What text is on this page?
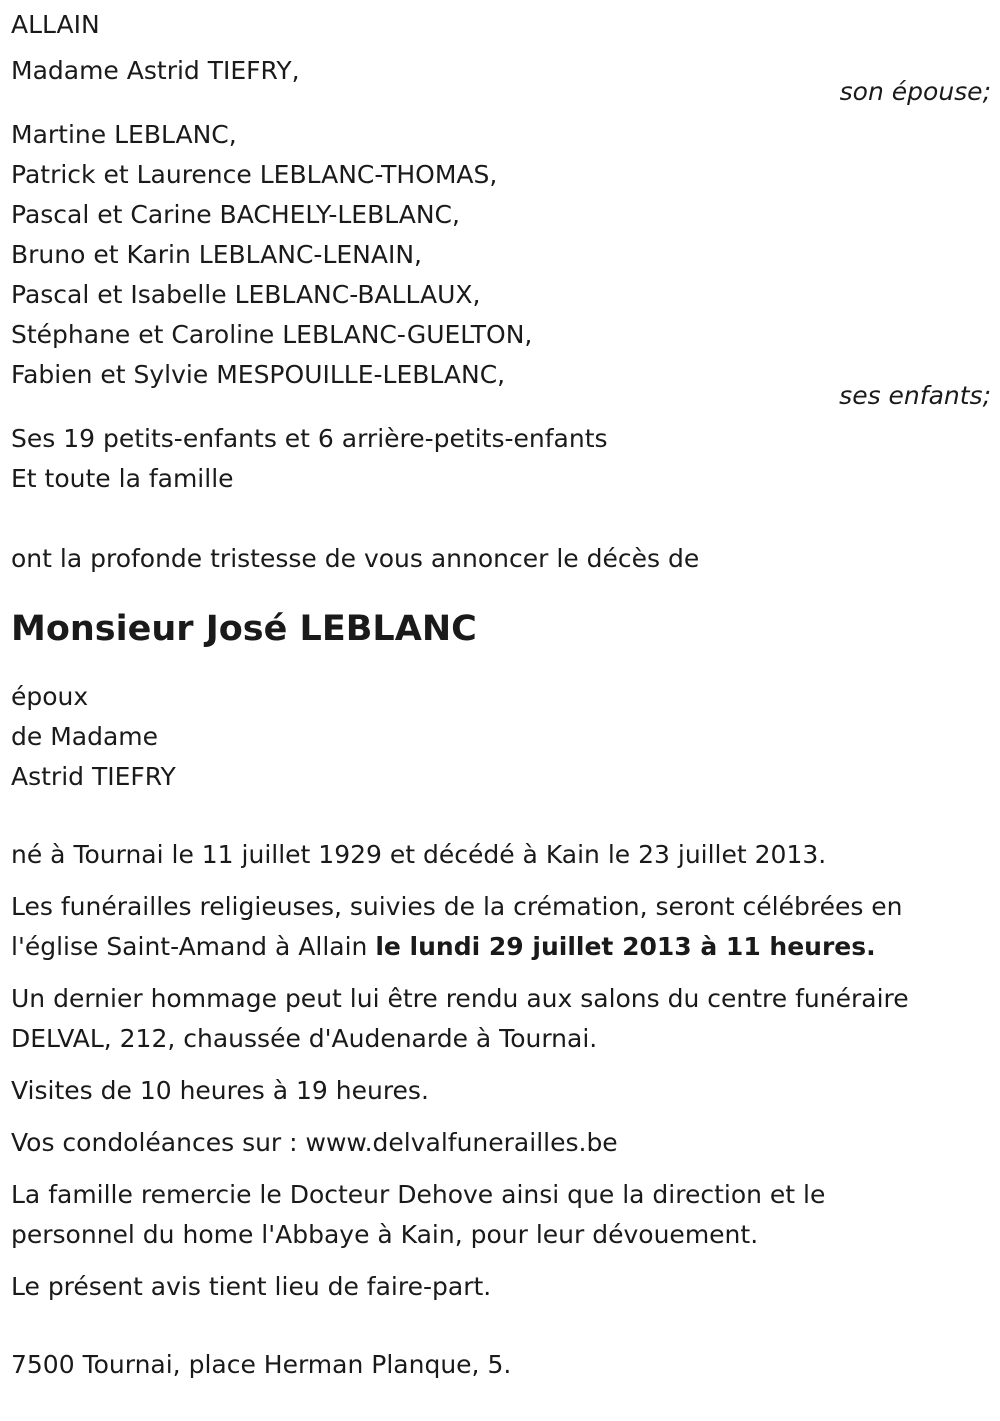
ALLAIN
Madame Astrid TIEFRY,
son épouse;
Martine LEBLANC,
Patrick et Laurence LEBLANC-THOMAS,
Pascal et Carine BACHELY-LEBLANC,
Bruno et Karin LEBLANC-LENAIN,
Pascal et Isabelle LEBLANC-BALLAUX,
Stéphane et Caroline LEBLANC-GUELTON,
Fabien et Sylvie MESPOUILLE-LEBLANC,
ses enfants;
Ses 19 petits-enfants et 6 arrière-petits-enfants
Et toute la famille
ont la profonde tristesse de vous annoncer le décès de
Monsieur José LEBLANC
époux
de Madame
Astrid TIEFRY
né à Tournai le 11 juillet 1929 et décédé à Kain le 23 juillet 2013.
Les funérailles religieuses, suivies de la crémation, seront célébrées en
l'église Saint-Amand à Allain le lundi 29 juillet 2013 à 11 heures.
Un dernier hommage peut lui être rendu aux salons du centre funéraire
DELVAL, 212, chaussée d'Audenarde à Tournai.
Visites de 10 heures à 19 heures.
Vos condoléances sur : www.delvalfunerailles.be
La famille remercie le Docteur Dehove ainsi que la direction et le
personnel du home l'Abbaye à Kain, pour leur dévouement.
Le présent avis tient lieu de faire-part.
7500 Tournai, place Herman Planque, 5.
